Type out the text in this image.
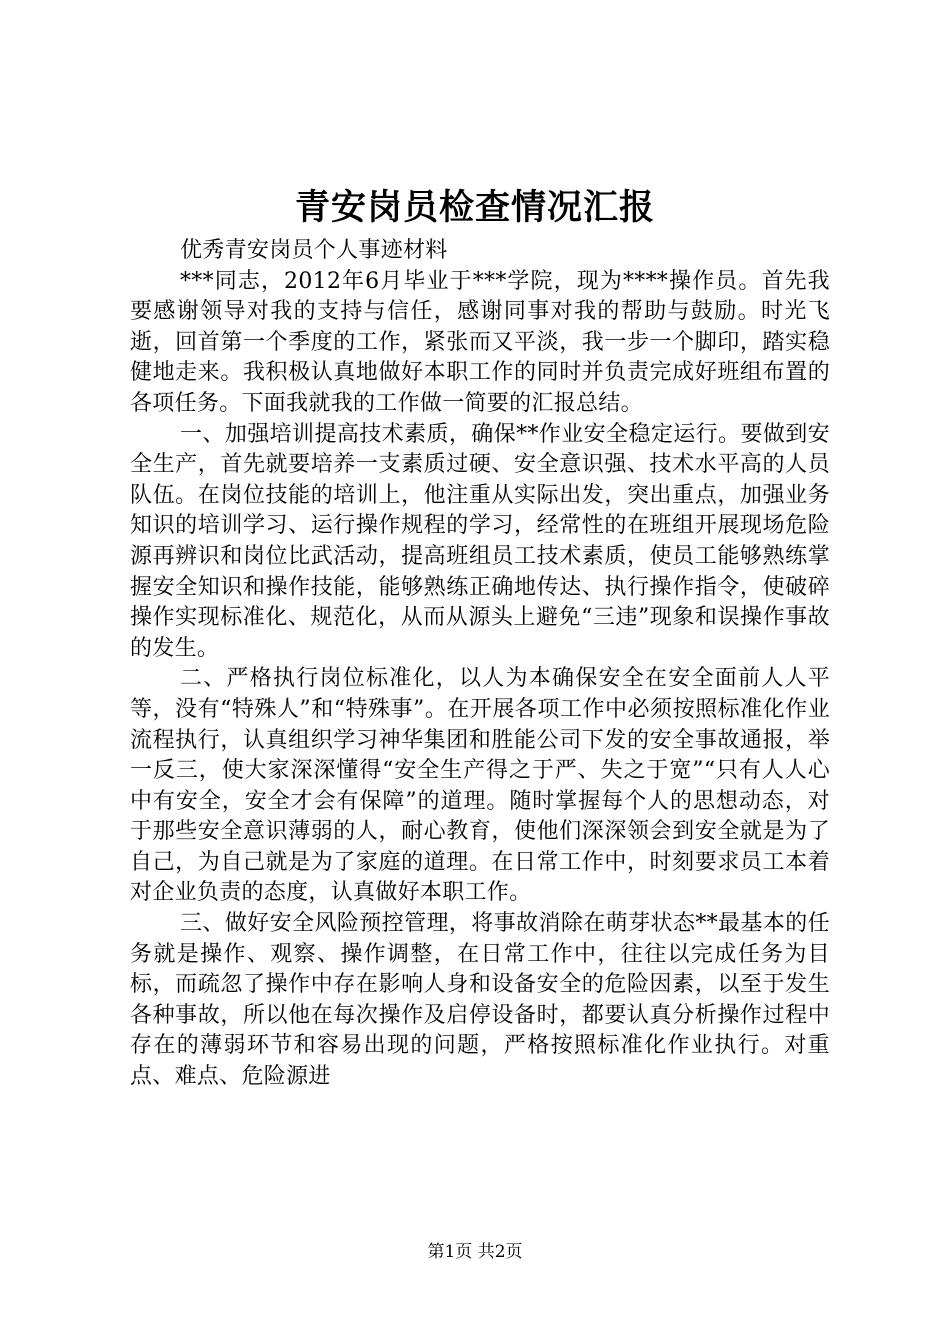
青安岗员检查情况汇报

优秀青安岗员个人事迹材料

***同志，2012年6月毕业于***学院，现为****操作员。首先我要感谢领导对我的支持与信任，感谢同事对我的帮助与鼓励。时光飞逝，回首第一个季度的工作，紧张而又平淡，我一步一个脚印，踏实稳健地走来。我积极认真地做好本职工作的同时并负责完成好班组布置的各项任务。下面我就我的工作做一简要的汇报总结。

一、加强培训提高技术素质，确保**作业安全稳定运行。要做到安全生产，首先就要培养一支素质过硬、安全意识强、技术水平高的人员队伍。在岗位技能的培训上，他注重从实际出发，突出重点，加强业务知识的培训学习、运行操作规程的学习，经常性的在班组开展现场危险源再辨识和岗位比武活动，提高班组员工技术素质，使员工能够熟练掌握安全知识和操作技能，能够熟练正确地传达、执行操作指令，使破碎操作实现标准化、规范化，从而从源头上避免“三违”现象和误操作事故的发生。

二、严格执行岗位标准化，以人为本确保安全在安全面前人人平等，没有“特殊人”和“特殊事”。在开展各项工作中必须按照标准化作业流程执行，认真组织学习神华集团和胜能公司下发的安全事故通报，举一反三，使大家深深懂得“安全生产得之于严、失之于宽”“只有人人心中有安全，安全才会有保障”的道理。随时掌握每个人的思想动态，对于那些安全意识薄弱的人，耐心教育，使他们深深领会到安全就是为了自己，为自己就是为了家庭的道理。在日常工作中，时刻要求员工本着对企业负责的态度，认真做好本职工作。

三、做好安全风险预控管理，将事故消除在萌芽状态**最基本的任务就是操作、观察、操作调整，在日常工作中，往往以完成任务为目标，而疏忽了操作中存在影响人身和设备安全的危险因素，以至于发生各种事故，所以他在每次操作及启停设备时，都要认真分析操作过程中存在的薄弱环节和容易出现的问题，严格按照标准化作业执行。对重点、难点、危险源进

第1页 共2页
